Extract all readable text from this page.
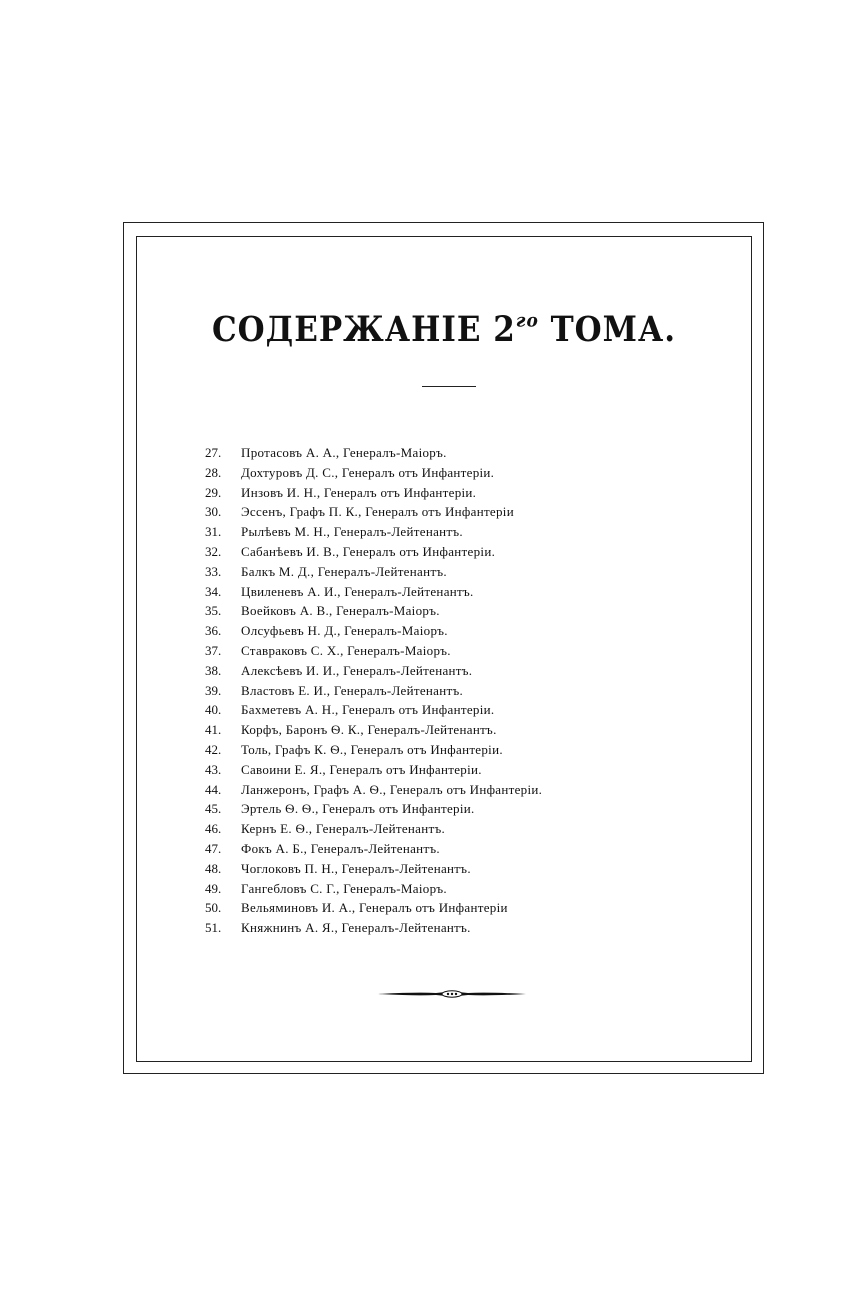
СОДЕРЖАНІЕ $2^{го}$ ТОМА.
27.	Протасовъ А. А., Генералъ-Маіоръ.
28.	Дохтуровъ Д. С., Генералъ отъ Инфантеріи.
29.	Инзовъ И. Н., Генералъ отъ Инфантеріи.
30.	Эссенъ, Графъ П. К., Генералъ отъ Инфантеріи
31.	Рылѣевъ М. Н., Генералъ-Лейтенантъ.
32.	Сабанѣевъ И. В., Генералъ отъ Инфантеріи.
33.	Балкъ М. Д., Генералъ-Лейтенантъ.
34.	Цвиленевъ А. И., Генералъ-Лейтенантъ.
35.	Воейковъ А. В., Генералъ-Маіоръ.
36.	Олсуфьевъ Н. Д., Генералъ-Маіоръ.
37.	Ставраковъ С. Х., Генералъ-Маіоръ.
38.	Алексѣевъ И. И., Генералъ-Лейтенантъ.
39.	Властовъ Е. И., Генералъ-Лейтенантъ.
40.	Бахметевъ А. Н., Генералъ отъ Инфантеріи.
41.	Корфъ, Баронъ Ѳ. К., Генералъ-Лейтенантъ.
42.	Толь, Графъ К. Ѳ., Генералъ отъ Инфантеріи.
43.	Савоини Е. Я., Генералъ отъ Инфантеріи.
44.	Ланжеронъ, Графъ А. Ѳ., Генералъ отъ Инфантеріи.
45.	Эртель Ѳ. Ѳ., Генералъ отъ Инфантеріи.
46.	Кернъ Е. Ѳ., Генералъ-Лейтенантъ.
47.	Фокъ А. Б., Генералъ-Лейтенантъ.
48.	Чоглоковъ П. Н., Генералъ-Лейтенантъ.
49.	Гангебловъ С. Г., Генералъ-Маіоръ.
50.	Вельяминовъ И. А., Генералъ отъ Инфантеріи
51.	Княжнинъ А. Я., Генералъ-Лейтенантъ.
